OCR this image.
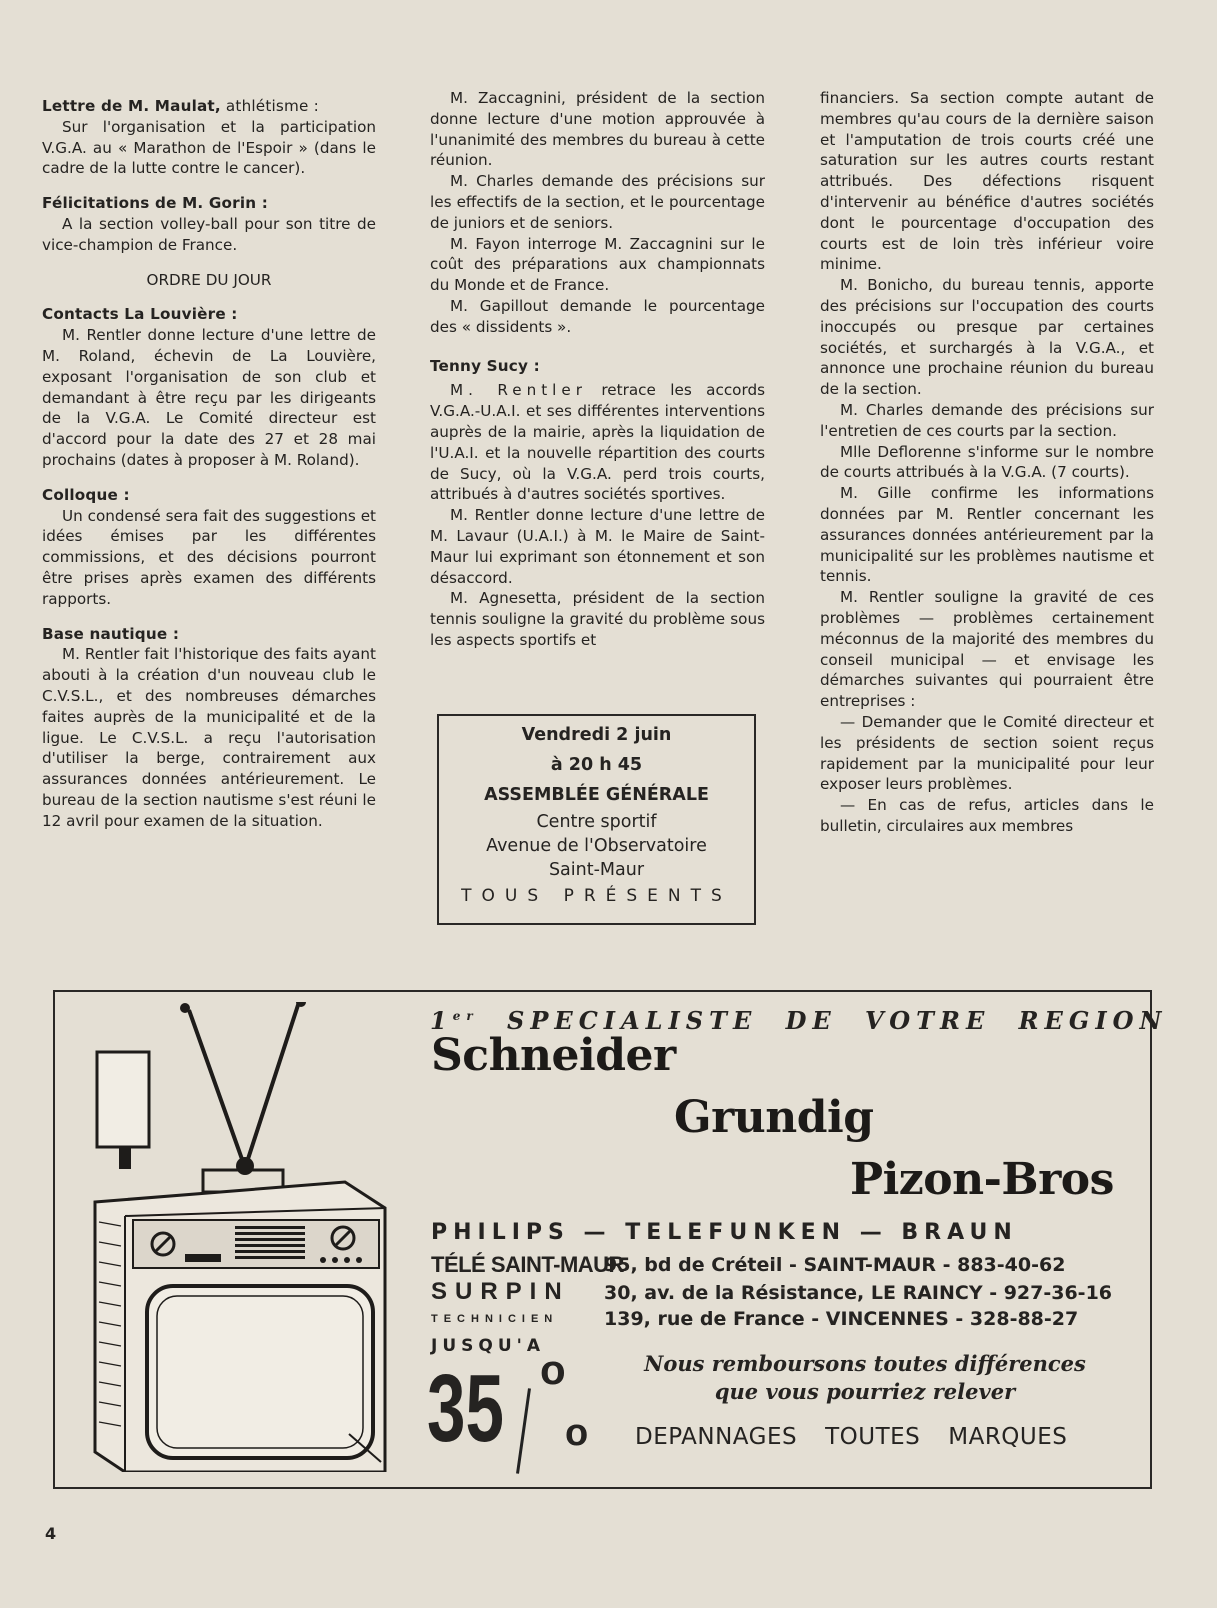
Lettre de M. Maulat, athlétisme :

Sur l'organisation et la participation V.G.A. au « Marathon de l'Espoir » (dans le cadre de la lutte contre le cancer).

Félicitations de M. Gorin :

A la section volley-ball pour son titre de vice-champion de France.

ORDRE DU JOUR

Contacts La Louvière :

M. Rentler donne lecture d'une lettre de M. Roland, échevin de La Louvière, exposant l'organisation de son club et demandant à être reçu par les dirigeants de la V.G.A. Le Comité directeur est d'accord pour la date des 27 et 28 mai prochains (dates à proposer à M. Roland).

Colloque :

Un condensé sera fait des suggestions et idées émises par les différentes commissions, et des décisions pourront être prises après examen des différents rapports.

Base nautique :

M. Rentler fait l'historique des faits ayant abouti à la création d'un nouveau club le C.V.S.L., et des nombreuses démarches faites auprès de la municipalité et de la ligue. Le C.V.S.L. a reçu l'autorisation d'utiliser la berge, contrairement aux assurances données antérieurement. Le bureau de la section nautisme s'est réuni le 12 avril pour examen de la situation.

M. Zaccagnini, président de la section donne lecture d'une motion approuvée à l'unanimité des membres du bureau à cette réunion.

M. Charles demande des précisions sur les effectifs de la section, et le pourcentage de juniors et de seniors.

M. Fayon interroge M. Zaccagnini sur le coût des préparations aux championnats du Monde et de France.

M. Gapillout demande le pourcentage des « dissidents ».

Tenny Sucy :

M. Rentler retrace les accords V.G.A.-U.A.I. et ses différentes interventions auprès de la mairie, après la liquidation de l'U.A.I. et la nouvelle répartition des courts de Sucy, où la V.G.A. perd trois courts, attribués à d'autres sociétés sportives.

M. Rentler donne lecture d'une lettre de M. Lavaur (U.A.I.) à M. le Maire de Saint-Maur lui exprimant son étonnement et son désaccord.

M. Agnesetta, président de la section tennis souligne la gravité du problème sous les aspects sportifs et

financiers. Sa section compte autant de membres qu'au cours de la dernière saison et l'amputation de trois courts créé une saturation sur les autres courts restant attribués. Des défections risquent d'intervenir au bénéfice d'autres sociétés dont le pourcentage d'occupation des courts est de loin très inférieur voire minime.

M. Bonicho, du bureau tennis, apporte des précisions sur l'occupation des courts inoccupés ou presque par certaines sociétés, et surchargés à la V.G.A., et annonce une prochaine réunion du bureau de la section.

M. Charles demande des précisions sur l'entretien de ces courts par la section.

Mlle Deflorenne s'informe sur le nombre de courts attribués à la V.G.A. (7 courts).

M. Gille confirme les informations données par M. Rentler concernant les assurances données antérieurement par la municipalité sur les problèmes nautisme et tennis.

M. Rentler souligne la gravité de ces problèmes — problèmes certainement méconnus de la majorité des membres du conseil municipal — et envisage les démarches suivantes qui pourraient être entreprises :

— Demander que le Comité directeur et les présidents de section soient reçus rapidement par la municipalité pour leur exposer leurs problèmes.

— En cas de refus, articles dans le bulletin, circulaires aux membres

Vendredi 2 juin
à 20 h 45
ASSEMBLÉE GÉNÉRALE
Centre sportif
Avenue de l'Observatoire
Saint-Maur
TOUS PRÉSENTS
1er SPECIALISTE DE VOTRE REGION
Schneider
Grundig
Pizon-Bros
PHILIPS — TELEFUNKEN — BRAUN
TÉLÉ SAINT-MAUR
95, bd de Créteil - SAINT-MAUR - 883-40-62
SURPIN 30, av. de la Résistance, LE RAINCY - 927-36-16
TECHNICIEN 139, rue de France - VINCENNES - 328-88-27
JUSQU'A
35 o
o
Nous remboursons toutes différences
que vous pourriez relever
DEPANNAGES TOUTES MARQUES
4
